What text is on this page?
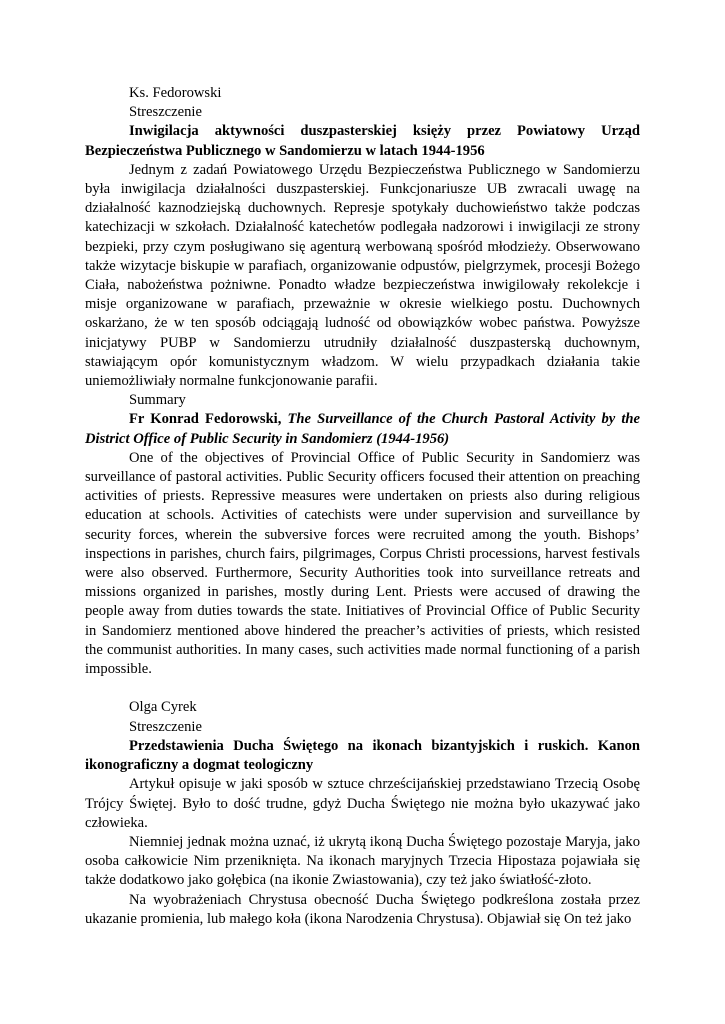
Ks. Fedorowski

Streszczenie

Inwigilacja aktywności duszpasterskiej księży przez Powiatowy Urząd Bezpieczeństwa Publicznego w Sandomierzu w latach 1944-1956

Jednym z zadań Powiatowego Urzędu Bezpieczeństwa Publicznego w Sandomierzu była inwigilacja działalności duszpasterskiej. Funkcjonariusze UB zwracali uwagę na działalność kaznodziejską duchownych. Represje spotykały duchowieństwo także podczas katechizacji w szkołach. Działalność katechetów podlegała nadzorowi i inwigilacji ze strony bezpieki, przy czym posługiwano się agenturą werbowaną spośród młodzieży. Obserwowano także wizytacje biskupie w parafiach, organizowanie odpustów, pielgrzymek, procesji Bożego Ciała, nabożeństwa pożniwne. Ponadto władze bezpieczeństwa inwigilowały rekolekcje i misje organizowane w parafiach, przeważnie w okresie wielkiego postu. Duchownych oskarżano, że w ten sposób odciągają ludność od obowiązków wobec państwa. Powyższe inicjatywy PUBP w Sandomierzu utrudniły działalność duszpasterską duchownym, stawiającym opór komunistycznym władzom. W wielu przypadkach działania takie uniemożliwiały normalne funkcjonowanie parafii.

Summary

Fr Konrad Fedorowski, The Surveillance of the Church Pastoral Activity by the District Office of Public Security in Sandomierz (1944-1956)

One of the objectives of Provincial Office of Public Security in Sandomierz was surveillance of pastoral activities. Public Security officers focused their attention on preaching activities of priests. Repressive measures were undertaken on priests also during religious education at schools. Activities of catechists were under supervision and surveillance by security forces, wherein the subversive forces were recruited among the youth. Bishops’ inspections in parishes, church fairs, pilgrimages, Corpus Christi processions, harvest festivals were also observed. Furthermore, Security Authorities took into surveillance retreats and missions organized in parishes, mostly during Lent. Priests were accused of drawing the people away from duties towards the state. Initiatives of Provincial Office of Public Security in Sandomierz mentioned above hindered the preacher’s activities of priests, which resisted the communist authorities. In many cases, such activities made normal functioning of a parish impossible.

Olga Cyrek

Streszczenie

Przedstawienia Ducha Świętego na ikonach bizantyjskich i ruskich. Kanon ikonograficzny a dogmat teologiczny

Artykuł opisuje w jaki sposób w sztuce chrześcijańskiej przedstawiano Trzecią Osobę Trójcy Świętej. Było to dość trudne, gdyż Ducha Świętego nie można było ukazywać jako człowieka.

Niemniej jednak można uznać, iż ukrytą ikoną Ducha Świętego pozostaje Maryja, jako osoba całkowicie Nim przeniknięta. Na ikonach maryjnych Trzecia Hipostaza pojawiała się także dodatkowo jako gołębica (na ikonie Zwiastowania), czy też jako światłość-złoto.

Na wyobrażeniach Chrystusa obecność Ducha Świętego podkreślona została przez ukazanie promienia, lub małego koła (ikona Narodzenia Chrystusa). Objawiał się On też jako
